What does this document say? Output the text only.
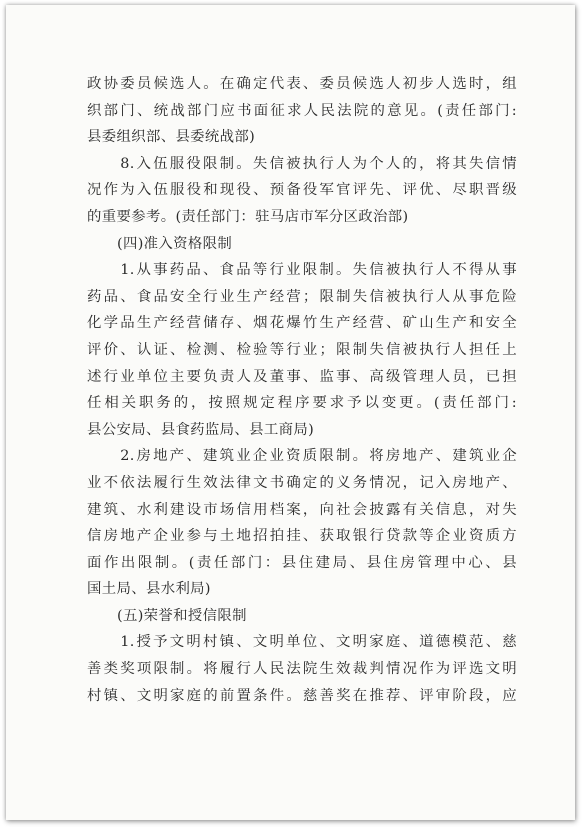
政协委员候选人。在确定代表、委员候选人初步人选时，组
织部门、统战部门应书面征求人民法院的意见。(责任部门:
县委组织部、县委统战部)
　　8.入伍服役限制。失信被执行人为个人的，将其失信情
况作为入伍服役和现役、预备役军官评先、评优、尽职晋级
的重要参考。(责任部门：驻马店市军分区政治部)
(四)准入资格限制
　　1.从事药品、食品等行业限制。失信被执行人不得从事
药品、食品安全行业生产经营；限制失信被执行人从事危险
化学品生产经营储存、烟花爆竹生产经营、矿山生产和安全
评价、认证、检测、检验等行业；限制失信被执行人担任上
述行业单位主要负责人及董事、监事、高级管理人员，已担
任相关职务的，按照规定程序要求予以变更。(责任部门:
县公安局、县食药监局、县工商局)
　　2.房地产、建筑业企业资质限制。将房地产、建筑业企
业不依法履行生效法律文书确定的义务情况，记入房地产、
建筑、水利建设市场信用档案，向社会披露有关信息，对失
信房地产企业参与土地招拍挂、获取银行贷款等企业资质方
面作出限制。(责任部门：县住建局、县住房管理中心、县
国土局、县水利局)
(五)荣誉和授信限制
　　1.授予文明村镇、文明单位、文明家庭、道德模范、慈
善类奖项限制。将履行人民法院生效裁判情况作为评选文明
村镇、文明家庭的前置条件。慈善奖在推荐、评审阶段，应
